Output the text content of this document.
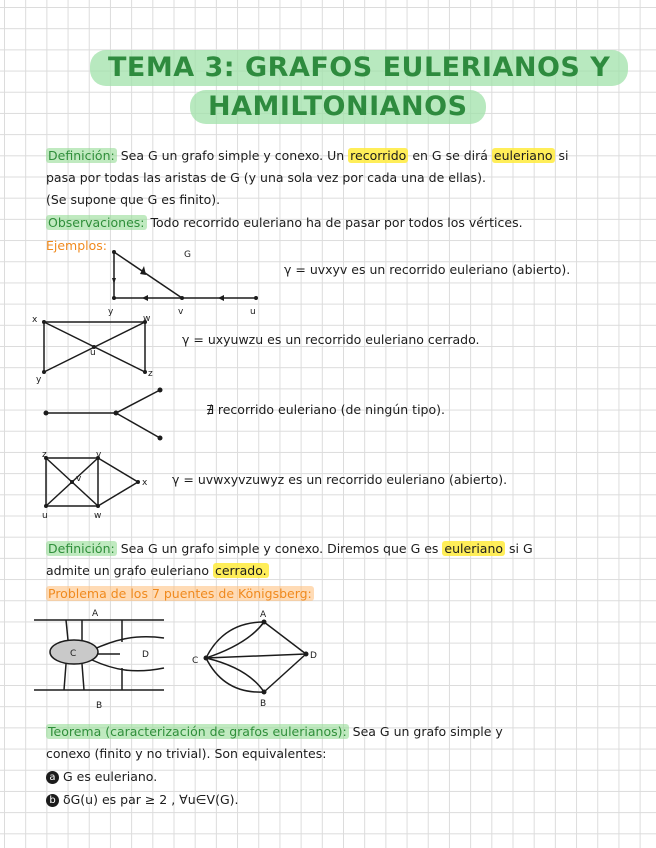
TEMA 3: GRAFOS EULERIANOS Y
HAMILTONIANOS
Definición: Sea G un grafo simple y conexo. Un recorrido en G se dirá euleriano si
pasa por todas las aristas de G (y una sola vez por cada una de ellas).
(Se supone que G es finito).
Observaciones: Todo recorrido euleriano ha de pasar por todos los vértices.
Ejemplos:
G
y	v	u
γ = uvxyv es un recorrido euleriano (abierto).
x	w
u
y
z
γ = uxyuwzu es un recorrido euleriano cerrado.
∄ recorrido euleriano (de ningún tipo).
z	y
v	x
u	w
γ = uvwxyvzuwyz es un recorrido euleriano (abierto).
Definición: Sea G un grafo simple y conexo. Diremos que G es euleriano si G
admite un grafo euleriano cerrado.
Problema de los 7 puentes de Königsberg:
A
C	D
B
A
C	D
B
Teorema (caracterización de grafos eulerianos): Sea G un grafo simple y
conexo (finito y no trivial). Son equivalentes:
a G es euleriano.
b δG(u) es par ≥ 2 , ∀u∈V(G).
